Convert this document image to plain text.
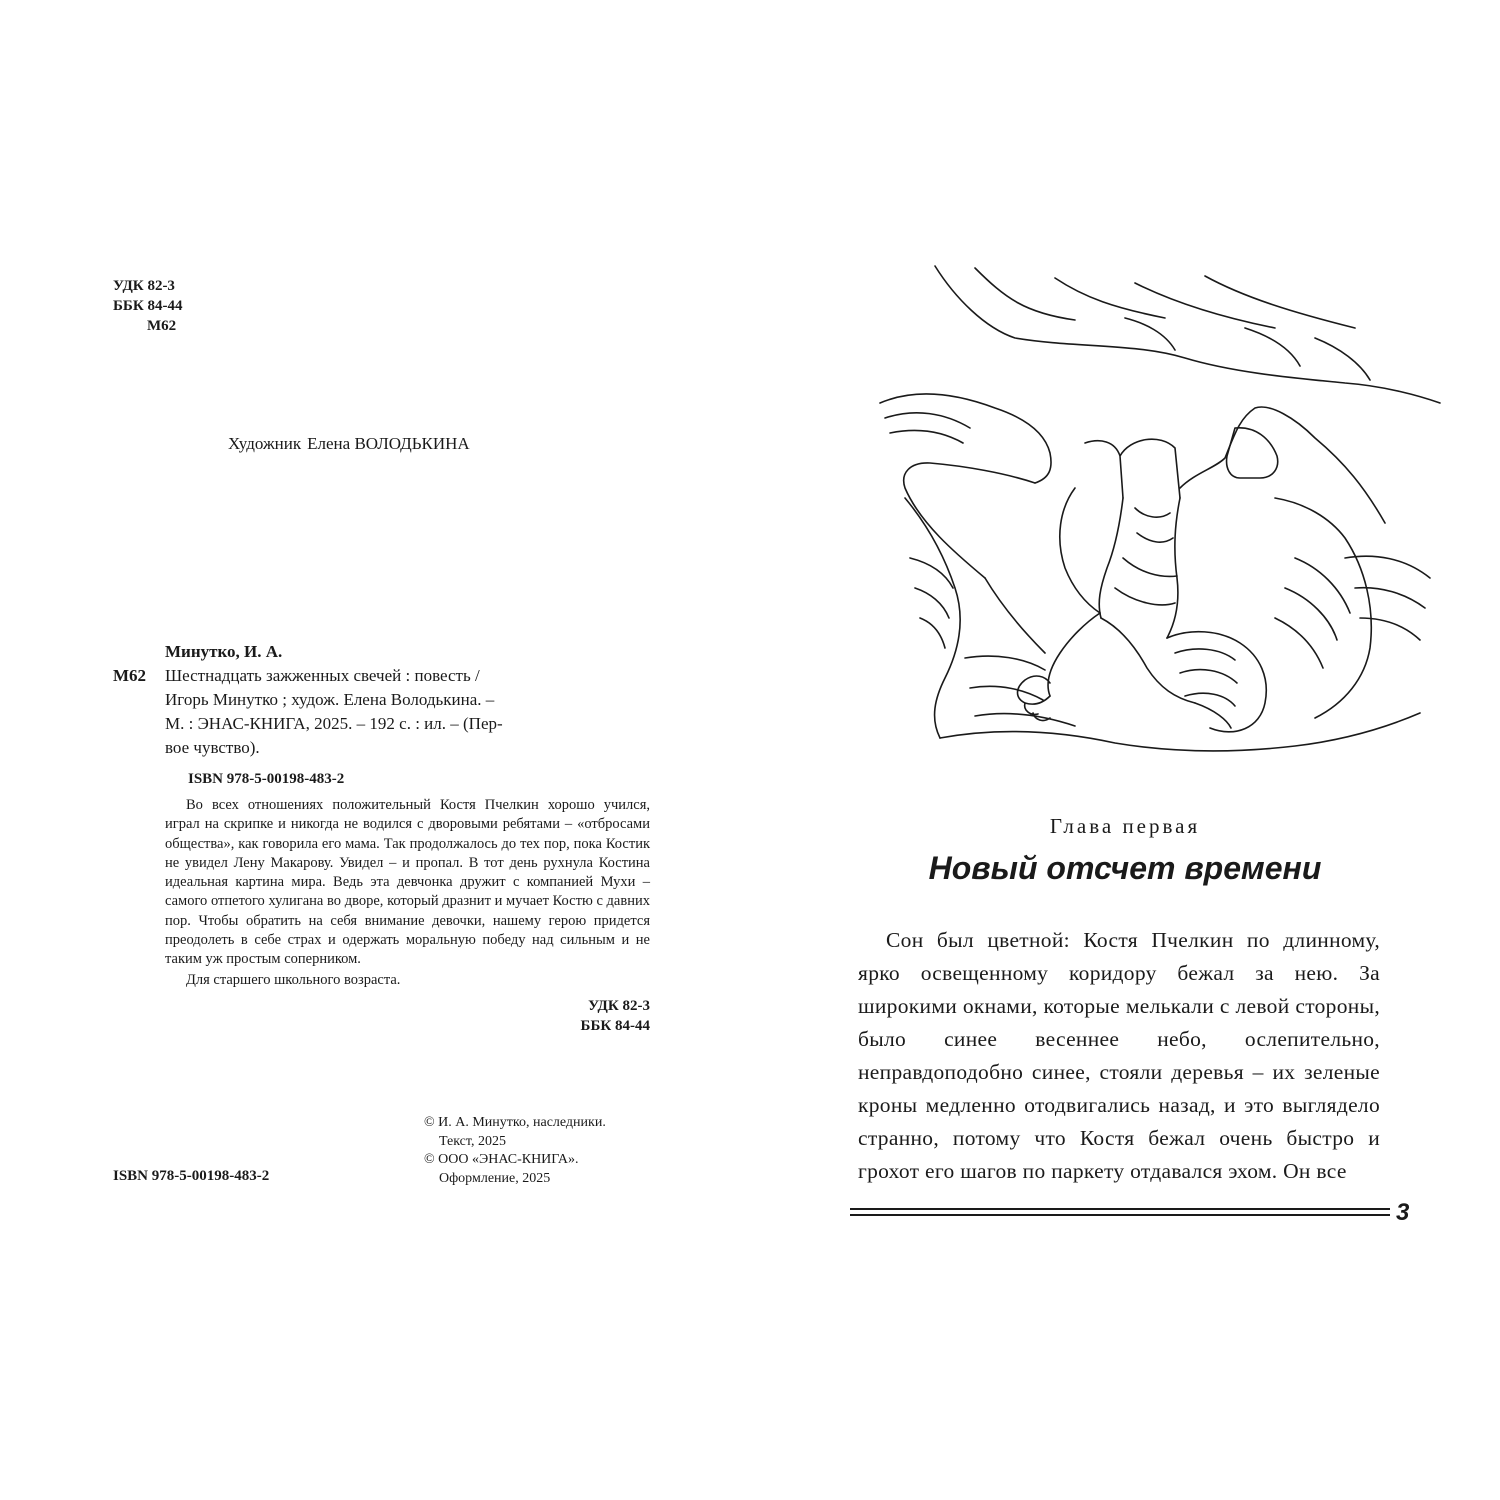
УДК 82-3
ББК 84-44
М62
Художник Елена ВОЛОДЬКИНА
Минутко, И. А.
М62 Шестнадцать зажженных свечей : повесть /
Игорь Минутко ; худож. Елена Володькина. –
М. : ЭНАС-КНИГА, 2025. – 192 с. : ил. – (Пер-
вое чувство).
ISBN 978-5-00198-483-2

Во всех отношениях положительный Костя Пчелкин хорошо учился, играл на скрипке и никогда не водился с дворовыми ребятами – «отбросами общества», как говорила его мама. Так продолжалось до тех пор, пока Костик не увидел Лену Макарову. Увидел – и пропал. В тот день рухнула Костина идеальная картина мира. Ведь эта девчонка дружит с компанией Мухи – самого отпетого хулигана во дворе, который дразнит и мучает Костю с давних пор. Чтобы обратить на себя внимание девочки, нашему герою придется преодолеть в себе страх и одержать моральную победу над сильным и не таким уж простым соперником.

Для старшего школьного возраста.

УДК 82-3
ББК 84-44
ISBN 978-5-00198-483-2
© И. А. Минутко, наследники.
Текст, 2025
© ООО «ЭНАС-КНИГА».
Оформление, 2025
Глава первая
Новый отсчет времени

Сон был цветной: Костя Пчелкин по длинному, ярко освещенному коридору бежал за нею. За широкими окнами, которые мелькали с левой стороны, было синее весеннее небо, ослепительно, неправдоподобно синее, стояли деревья – их зеленые кроны медленно отодвигались назад, и это выглядело странно, потому что Костя бежал очень быстро и грохот его шагов по паркету отдавался эхом. Он все

3
